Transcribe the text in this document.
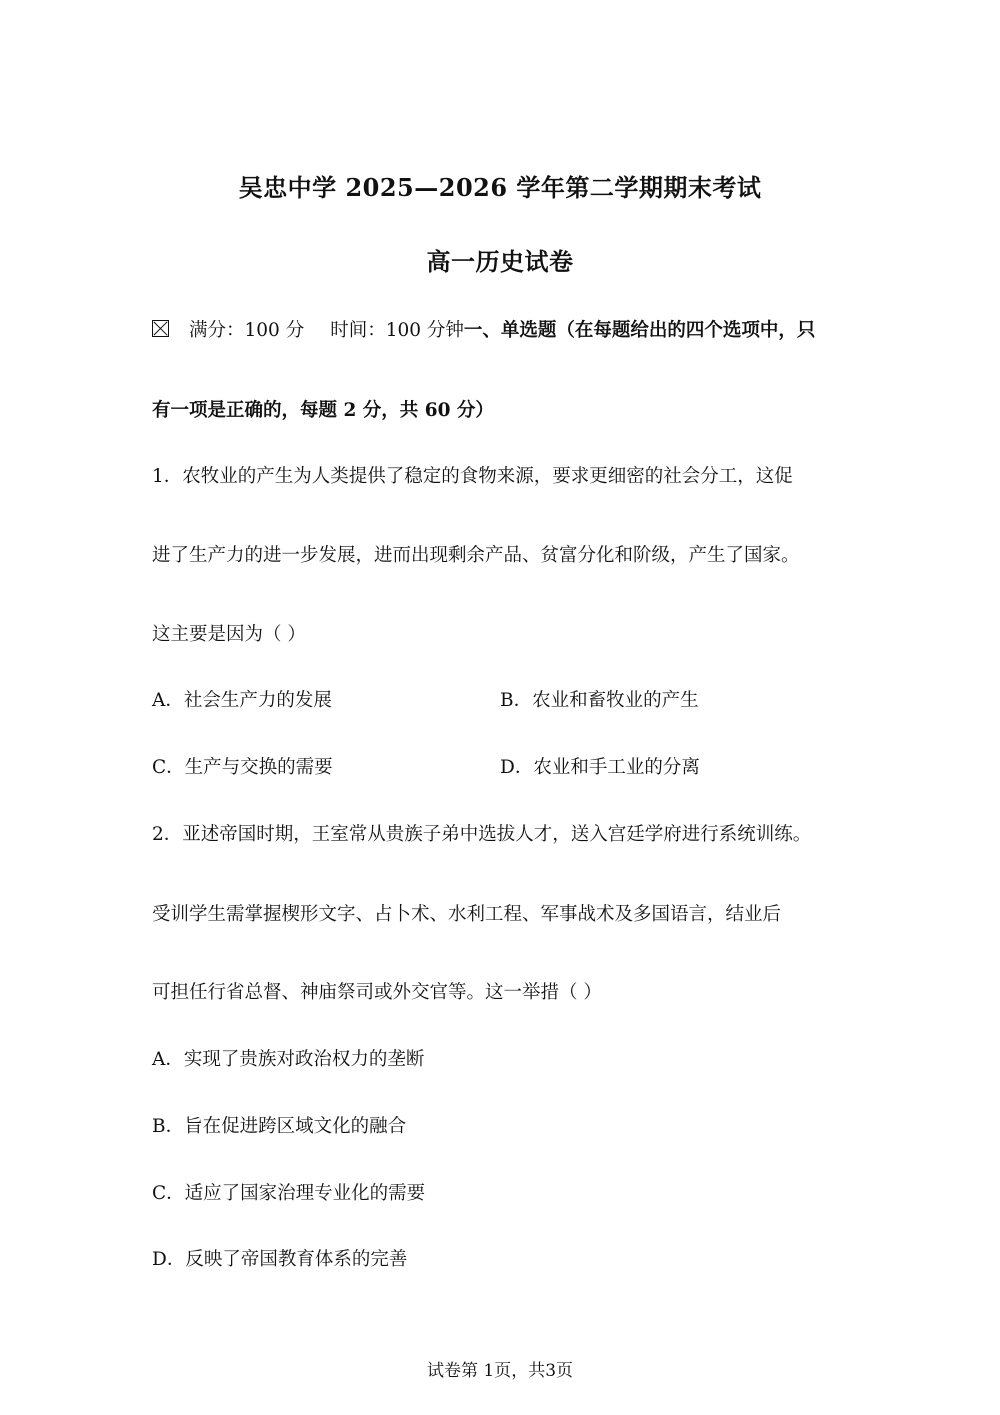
吴忠中学 2025—2026 学年第二学期期末考试
高一历史试卷
满分：100 分 时间：100 分钟一、单选题（在每题给出的四个选项中，只
有一项是正确的，每题 2 分，共 60 分）
1．农牧业的产生为人类提供了稳定的食物来源，要求更细密的社会分工，这促
进了生产力的进一步发展，进而出现剩余产品、贫富分化和阶级，产生了国家。
这主要是因为（ ）
A．社会生产力的发展	B．农业和畜牧业的产生
C．生产与交换的需要	D．农业和手工业的分离
2．亚述帝国时期，王室常从贵族子弟中选拔人才，送入宫廷学府进行系统训练。
受训学生需掌握楔形文字、占卜术、水利工程、军事战术及多国语言，结业后
可担任行省总督、神庙祭司或外交官等。这一举措（ ）
A．实现了贵族对政治权力的垄断
B．旨在促进跨区域文化的融合
C．适应了国家治理专业化的需要
D．反映了帝国教育体系的完善
试卷第 1页，共3页
